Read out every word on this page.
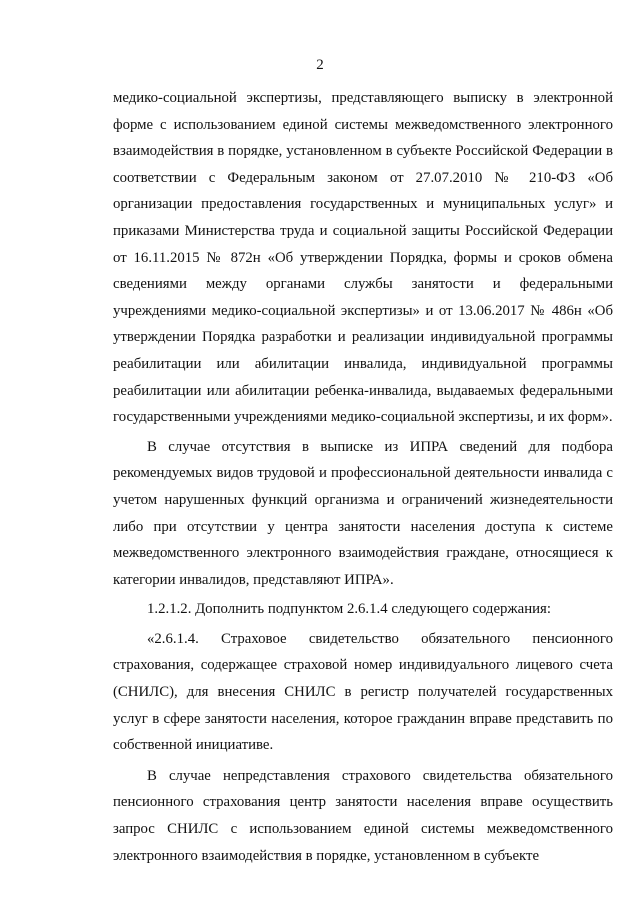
2

медико-социальной экспертизы, представляющего выписку в электронной форме с использованием единой системы межведомственного электронного взаимодействия в порядке, установленном в субъекте Российской Федерации в соответствии с Федеральным законом от 27.07.2010 № 210-ФЗ «Об организации предоставления государственных и муниципальных услуг» и приказами Министерства труда и социальной защиты Российской Федерации от 16.11.2015 № 872н «Об утверждении Порядка, формы и сроков обмена сведениями между органами службы занятости и федеральными учреждениями медико-социальной экспертизы» и от 13.06.2017 № 486н «Об утверждении Порядка разработки и реализации индивидуальной программы реабилитации или абилитации инвалида, индивидуальной программы реабилитации или абилитации ребенка-инвалида, выдаваемых федеральными государственными учреждениями медико-социальной экспертизы, и их форм».

В случае отсутствия в выписке из ИПРА сведений для подбора рекомендуемых видов трудовой и профессиональной деятельности инвалида с учетом нарушенных функций организма и ограничений жизнедеятельности либо при отсутствии у центра занятости населения доступа к системе межведомственного электронного взаимодействия граждане, относящиеся к категории инвалидов, представляют ИПРА».

1.2.1.2. Дополнить подпунктом 2.6.1.4 следующего содержания:

«2.6.1.4. Страховое свидетельство обязательного пенсионного страхования, содержащее страховой номер индивидуального лицевого счета (СНИЛС), для внесения СНИЛС в регистр получателей государственных услуг в сфере занятости населения, которое гражданин вправе представить по собственной инициативе.

В случае непредставления страхового свидетельства обязательного пенсионного страхования центр занятости населения вправе осуществить запрос СНИЛС с использованием единой системы межведомственного электронного взаимодействия в порядке, установленном в субъекте
